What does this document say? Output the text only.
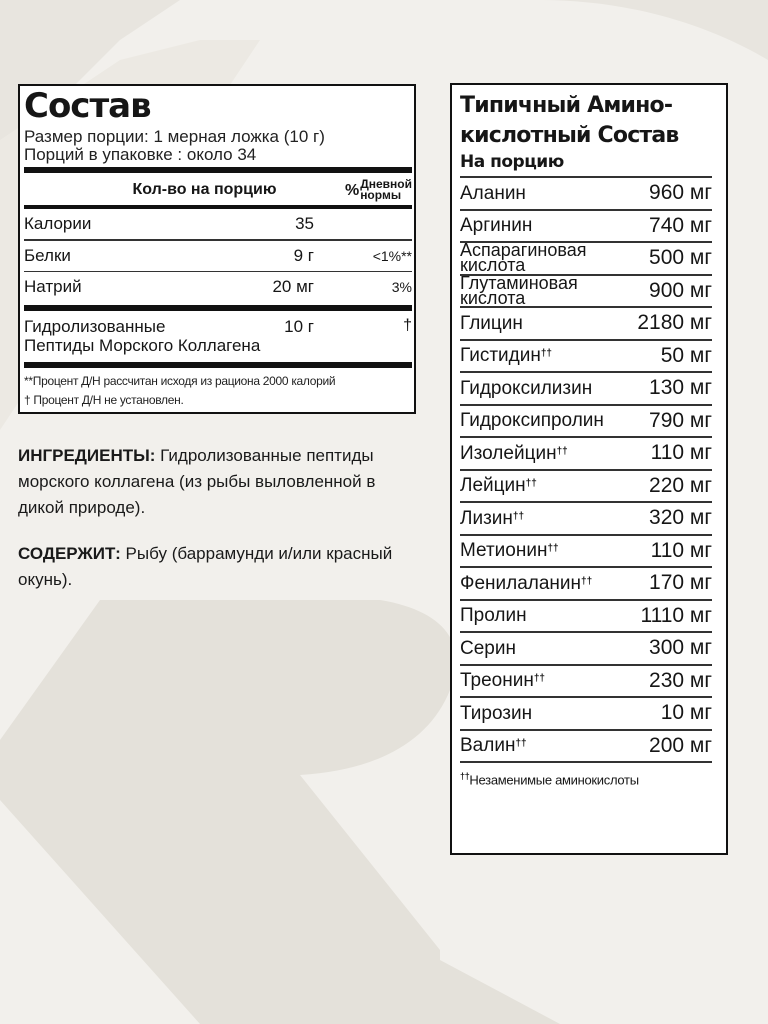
Состав
Размер порции: 1 мерная ложка (10 г)
Порций в упаковке : около 34
Кол-во на порцию	% Дневной
нормы
Калории	35
Белки	9 г	<1%**
Натрий	20 мг	3%
Гидролизованные
Пептиды Морского Коллагена
10 г	†
**Процент Д/Н рассчитан исходя из рациона 2000 калорий
† Процент Д/Н не установлен.

ИНГРЕДИЕНТЫ: Гидролизованные пептиды морского коллагена (из рыбы выловленной в дикой природе).

СОДЕРЖИТ: Рыбу (баррамунди и/или красный окунь).

Типичный Амино-
кислотный Состав
На порцию
Аланин	960 мг
Аргинин	740 мг
Аспарагиновая
кислота	500 мг
Глутаминовая
кислота	900 мг
Глицин	2180 мг
Гистидин††	50 мг
Гидроксилизин	130 мг
Гидроксипролин 790 мг
Изолейцин††	110 мг
Лейцин††	220 мг
Лизин††	320 мг
Метионин††	110 мг
Фенилаланин††	170 мг
Пролин	1110 мг
Серин	300 мг
Треонин††	230 мг
Тирозин	10 мг
Валин††	200 мг
††Незаменимые аминокислоты
